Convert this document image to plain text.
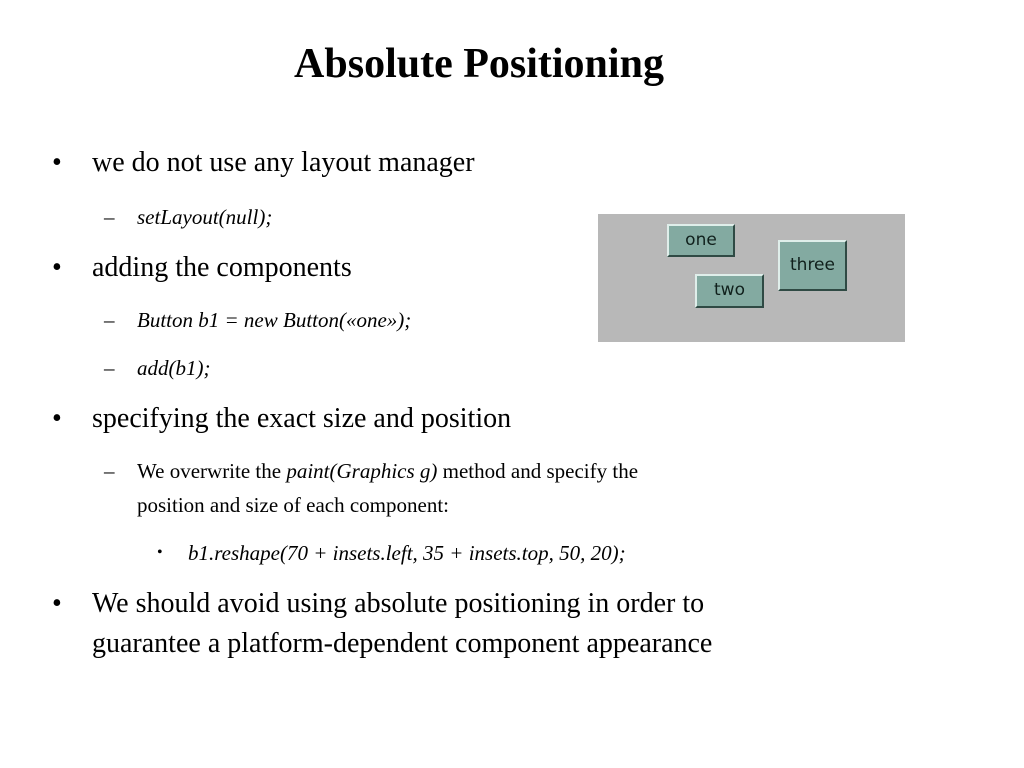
Absolute Positioning
• we do not use any layout manager
– setLayout(null);
• adding the components
– Button b1 = new Button(«one»);
– add(b1);
• specifying the exact size and position
– We overwrite the paint(Graphics g) method and specify the
position and size of each component:
• b1.reshape(70 + insets.left, 35 + insets.top, 50, 20);
• We should avoid using absolute positioning in order to
guarantee a platform-dependent component appearance
one
two
three
